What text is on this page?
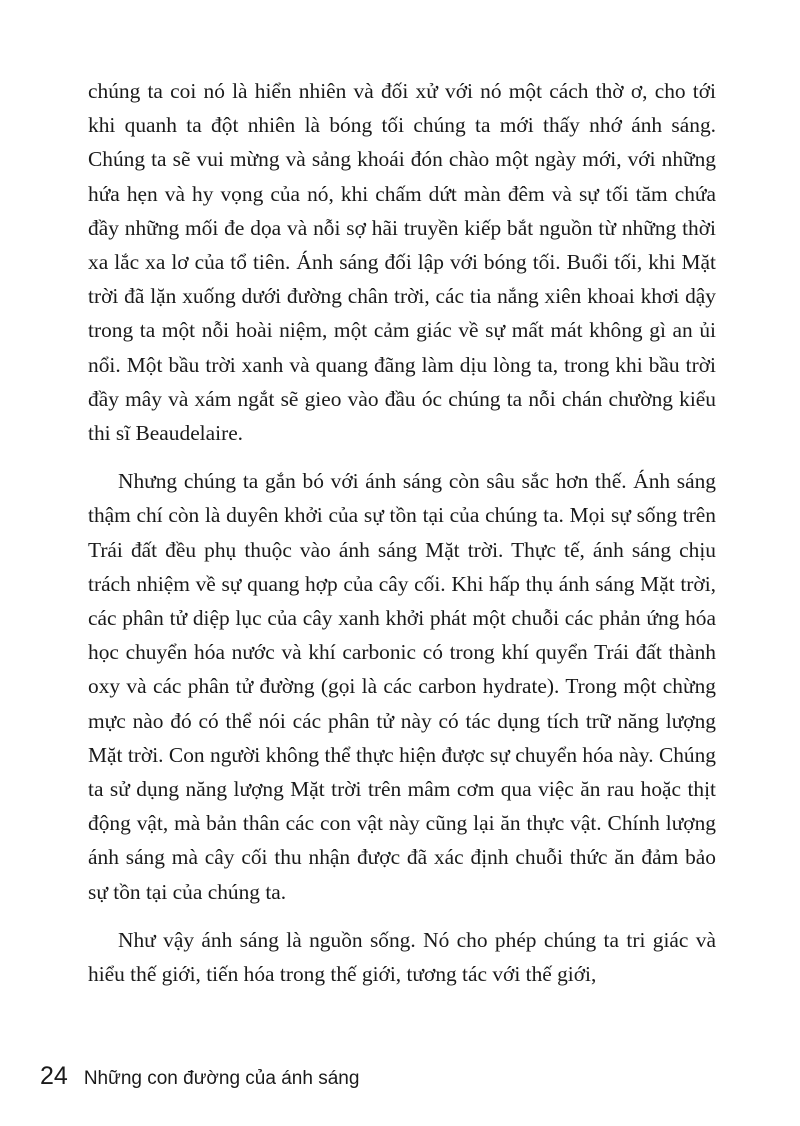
chúng ta coi nó là hiển nhiên và đối xử với nó một cách thờ ơ, cho tới khi quanh ta đột nhiên là bóng tối chúng ta mới thấy nhớ ánh sáng. Chúng ta sẽ vui mừng và sảng khoái đón chào một ngày mới, với những hứa hẹn và hy vọng của nó, khi chấm dứt màn đêm và sự tối tăm chứa đầy những mối đe dọa và nỗi sợ hãi truyền kiếp bắt nguồn từ những thời xa lắc xa lơ của tổ tiên. Ánh sáng đối lập với bóng tối. Buổi tối, khi Mặt trời đã lặn xuống dưới đường chân trời, các tia nắng xiên khoai khơi dậy trong ta một nỗi hoài niệm, một cảm giác về sự mất mát không gì an ủi nổi. Một bầu trời xanh và quang đãng làm dịu lòng ta, trong khi bầu trời đầy mây và xám ngắt sẽ gieo vào đầu óc chúng ta nỗi chán chường kiểu thi sĩ Beaudelaire.

Nhưng chúng ta gắn bó với ánh sáng còn sâu sắc hơn thế. Ánh sáng thậm chí còn là duyên khởi của sự tồn tại của chúng ta. Mọi sự sống trên Trái đất đều phụ thuộc vào ánh sáng Mặt trời. Thực tế, ánh sáng chịu trách nhiệm về sự quang hợp của cây cối. Khi hấp thụ ánh sáng Mặt trời, các phân tử diệp lục của cây xanh khởi phát một chuỗi các phản ứng hóa học chuyển hóa nước và khí carbonic có trong khí quyển Trái đất thành oxy và các phân tử đường (gọi là các carbon hydrate). Trong một chừng mực nào đó có thể nói các phân tử này có tác dụng tích trữ năng lượng Mặt trời. Con người không thể thực hiện được sự chuyển hóa này. Chúng ta sử dụng năng lượng Mặt trời trên mâm cơm qua việc ăn rau hoặc thịt động vật, mà bản thân các con vật này cũng lại ăn thực vật. Chính lượng ánh sáng mà cây cối thu nhận được đã xác định chuỗi thức ăn đảm bảo sự tồn tại của chúng ta.

Như vậy ánh sáng là nguồn sống. Nó cho phép chúng ta tri giác và hiểu thế giới, tiến hóa trong thế giới, tương tác với thế giới,

24 Những con đường của ánh sáng
